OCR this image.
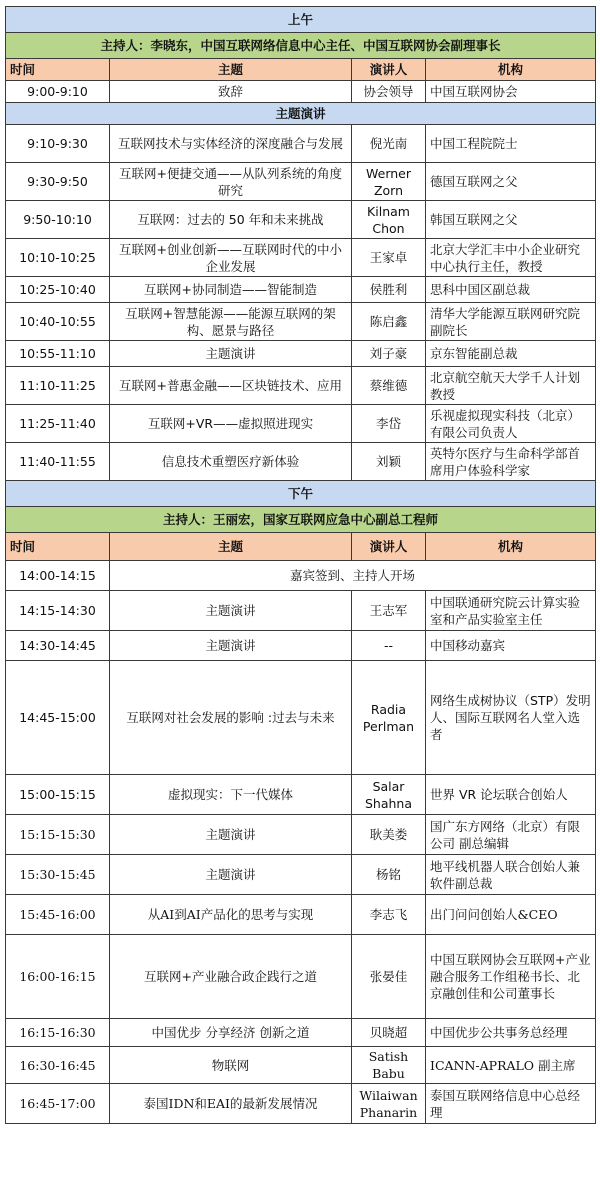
上午			
主持人：李晓东，中国互联网络信息中心主任、中国互联网协会副理事长			
时间	主题	演讲人	机构
9:00-9:10	致辞	协会领导	中国互联网协会
主题演讲			
9:10-9:30	互联网技术与实体经济的深度融合与发展	倪光南	中国工程院院士
9:30-9:50	互联网+便捷交通——从队列系统的角度研究	Werner Zorn	德国互联网之父
9:50-10:10	互联网：过去的 50 年和未来挑战	Kilnam Chon	韩国互联网之父
10:10-10:25	互联网+创业创新——互联网时代的中小企业发展	王家卓	北京大学汇丰中小企业研究中心执行主任，教授
10:25-10:40	互联网+协同制造——智能制造	侯胜利	思科中国区副总裁
10:40-10:55	互联网+智慧能源——能源互联网的架构、愿景与路径	陈启鑫	清华大学能源互联网研究院副院长
10:55-11:10	主题演讲	刘子豪	京东智能副总裁
11:10-11:25	互联网+普惠金融——区块链技术、应用	蔡维德	北京航空航天大学千人计划教授
11:25-11:40	互联网+VR——虚拟照进现实	李岱	乐视虚拟现实科技（北京）有限公司负责人
11:40-11:55	信息技术重塑医疗新体验	刘颖	英特尔医疗与生命科学部首席用户体验科学家
下午			
主持人：王丽宏，国家互联网应急中心副总工程师			
时间	主题	演讲人	机构
14:00-14:15	嘉宾签到、主持人开场		
14:15-14:30	主题演讲	王志军	中国联通研究院云计算实验室和产品实验室主任
14:30-14:45	主题演讲	--	中国移动嘉宾
14:45-15:00	互联网对社会发展的影响 :过去与未来	Radia Perlman	网络生成树协议（STP）发明人、国际互联网名人堂入选者
15:00-15:15	虚拟现实：下一代媒体	Salar Shahna	世界 VR 论坛联合创始人
15:15-15:30	主题演讲	耿美娄	国广东方网络（北京）有限公司 副总编辑
15:30-15:45	主题演讲	杨铭	地平线机器人联合创始人兼软件副总裁
15:45-16:00	从AI到AI产品化的思考与实现	李志飞	出门问问创始人&CEO
16:00-16:15	互联网+产业融合政企践行之道	张晏佳	中国互联网协会互联网+产业融合服务工作组秘书长、北京融创佳和公司董事长
16:15-16:30	中国优步 分享经济 创新之道	贝晓超	中国优步公共事务总经理
16:30-16:45	物联网	Satish Babu	ICANN-APRALO 副主席
16:45-17:00	泰国IDN和EAI的最新发展情况	Wilaiwan Phanarin	泰国互联网络信息中心总经理
